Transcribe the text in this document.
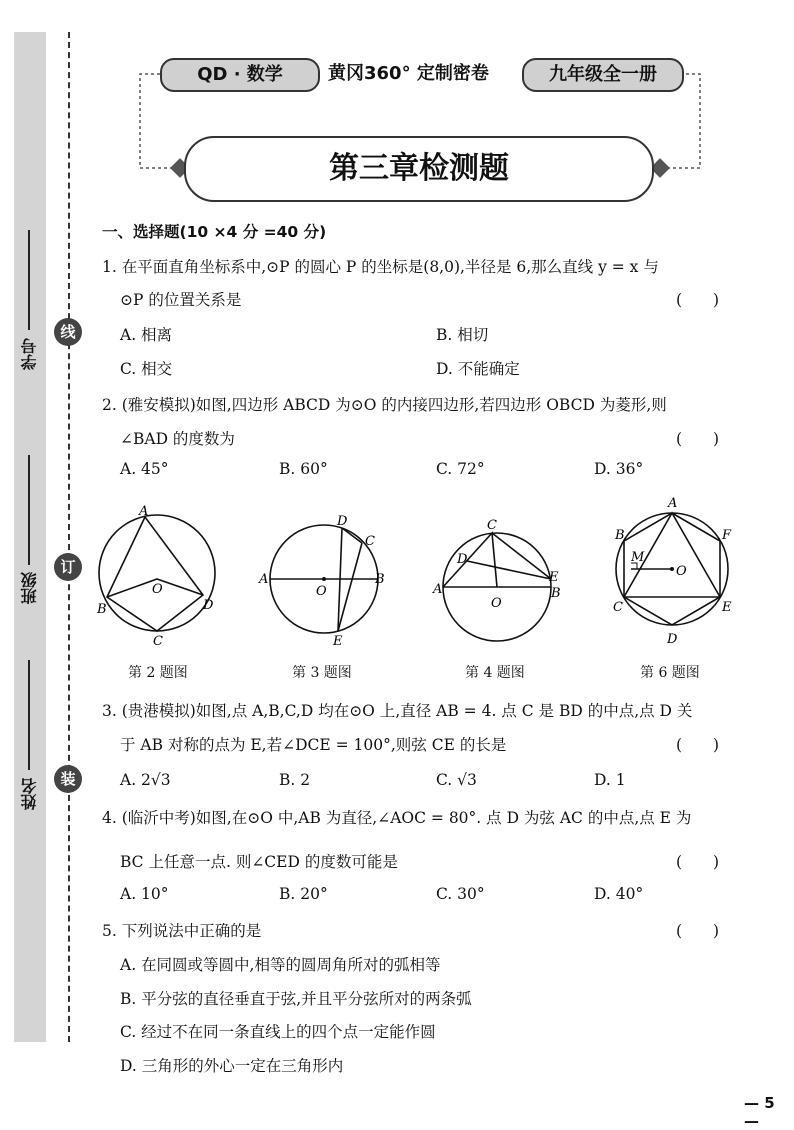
线
订
装
学号
班级
姓名
QD · 数学	黄冈360° 定制密卷	九年级全一册
第三章检测题
一、选择题(10 ×4 分 =40 分)
1. 在平面直角坐标系中,⊙P 的圆心 P 的坐标是(8,0),半径是 6,那么直线 y = x 与
⊙P 的位置关系是	(　　)
A. 相离	B. 相切
C. 相交	D. 不能确定
2. (雅安模拟)如图,四边形 ABCD 为⊙O 的内接四边形,若四边形 OBCD 为菱形,则
∠BAD 的度数为	(　　)
A. 45°	B. 60°	C. 72°	D. 36°
A
O
B	D
C
A	B
O
D
C
E
C
D
A
O
E
B
A
B	F
M
O
C	E
D
第 2 题图	第 3 题图	第 4 题图	第 6 题图
3. (贵港模拟)如图,点 A,B,C,D 均在⊙O 上,直径 AB = 4. 点 C 是 BD 的中点,点 D 关
于 AB 对称的点为 E,若∠DCE = 100°,则弦 CE 的长是	(　　)
A. 2√3	B. 2	C. √3	D. 1
4. (临沂中考)如图,在⊙O 中,AB 为直径,∠AOC = 80°. 点 D 为弦 AC 的中点,点 E 为
BC 上任意一点. 则∠CED 的度数可能是	(　　)
A. 10°	B. 20°	C. 30°	D. 40°
5. 下列说法中正确的是	(　　)
A. 在同圆或等圆中,相等的圆周角所对的弧相等
B. 平分弦的直径垂直于弦,并且平分弦所对的两条弧
C. 经过不在同一条直线上的四个点一定能作圆
D. 三角形的外心一定在三角形内
— 5 —
